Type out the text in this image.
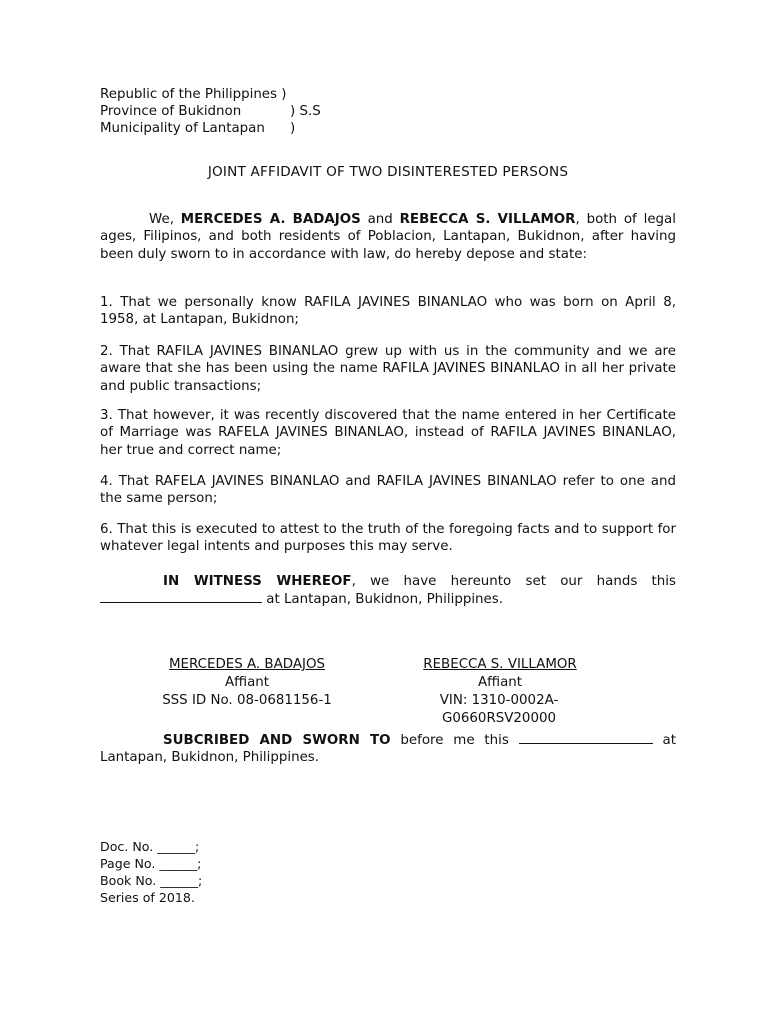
Republic of the Philippines )
Province of Bukidnon	) S.S
Municipality of Lantapan )
JOINT AFFIDAVIT OF TWO DISINTERESTED PERSONS
We, MERCEDES A. BADAJOS and REBECCA S. VILLAMOR, both of legal ages, Filipinos, and both residents of Poblacion, Lantapan, Bukidnon, after having been duly sworn to in accordance with law, do hereby depose and state:
1. That we personally know RAFILA JAVINES BINANLAO who was born on April 8, 1958, at Lantapan, Bukidnon;
2. That RAFILA JAVINES BINANLAO grew up with us in the community and we are aware that she has been using the name RAFILA JAVINES BINANLAO in all her private and public transactions;
3. That however, it was recently discovered that the name entered in her Certificate of Marriage was RAFELA JAVINES BINANLAO, instead of RAFILA JAVINES BINANLAO, her true and correct name;
4. That RAFELA JAVINES BINANLAO and RAFILA JAVINES BINANLAO refer to one and the same person;
6. That this is executed to attest to the truth of the foregoing facts and to support for whatever legal intents and purposes this may serve.
IN WITNESS WHEREOF, we have hereunto set our hands this  at Lantapan, Bukidnon, Philippines.
MERCEDES A. BADAJOS
Affiant
SSS ID No. 08-0681156-1
REBECCA S. VILLAMOR
Affiant
VIN: 1310-0002A-G0660RSV20000
SUBCRIBED AND SWORN TO before me this	at Lantapan, Bukidnon, Philippines.
Doc. No. ______;
Page No. ______;
Book No. ______;
Series of 2018.
